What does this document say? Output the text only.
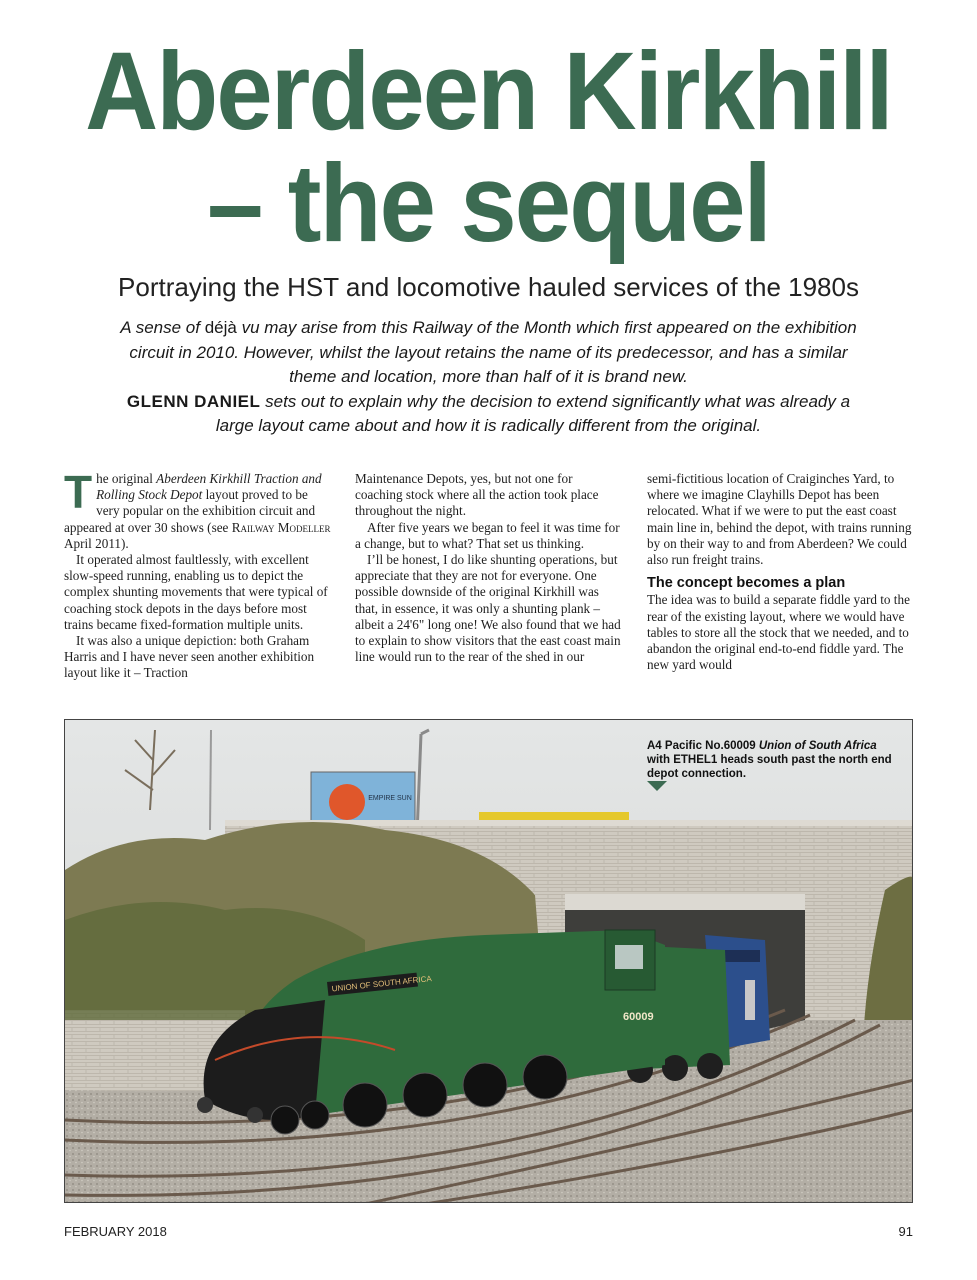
Aberdeen Kirkhill
– the sequel
Portraying the HST and locomotive hauled services of the 1980s
A sense of déjà vu may arise from this Railway of the Month which first appeared on the exhibition circuit in 2010. However, whilst the layout retains the name of its predecessor, and has a similar theme and location, more than half of it is brand new.
GLENN DANIEL sets out to explain why the decision to extend significantly what was already a large layout came about and how it is radically different from the original.

The original Aberdeen Kirkhill Traction and Rolling Stock Depot layout proved to be very popular on the exhibition circuit and appeared at over 30 shows (see Railway Modeller April 2011).

It operated almost faultlessly, with excellent slow-speed running, enabling us to depict the complex shunting movements that were typical of coaching stock depots in the days before most trains became fixed-formation multiple units.

It was also a unique depiction: both Graham Harris and I have never seen another exhibition layout like it – Traction

Maintenance Depots, yes, but not one for coaching stock where all the action took place throughout the night.

After five years we began to feel it was time for a change, but to what? That set us thinking.

I’ll be honest, I do like shunting operations, but appreciate that they are not for everyone. One possible downside of the original Kirkhill was that, in essence, it was only a shunting plank – albeit a 24'6" long one! We also found that we had to explain to show visitors that the east coast main line would run to the rear of the shed in our

semi-fictitious location of Craiginches Yard, to where we imagine Clayhills Depot has been relocated. What if we were to put the east coast main line in, behind the depot, with trains running by on their way to and from Aberdeen? We could also run freight trains.

The concept becomes a plan

The idea was to build a separate fiddle yard to the rear of the existing layout, where we would have tables to store all the stock that we needed, and to abandon the original end-to-end fiddle yard. The new yard would

EMPIRE SUN
UNION OF SOUTH AFRICA
60009
A4 Pacific No.60009 Union of South Africa with ETHEL1 heads south past the north end depot connection.
FEBRUARY 2018	91
